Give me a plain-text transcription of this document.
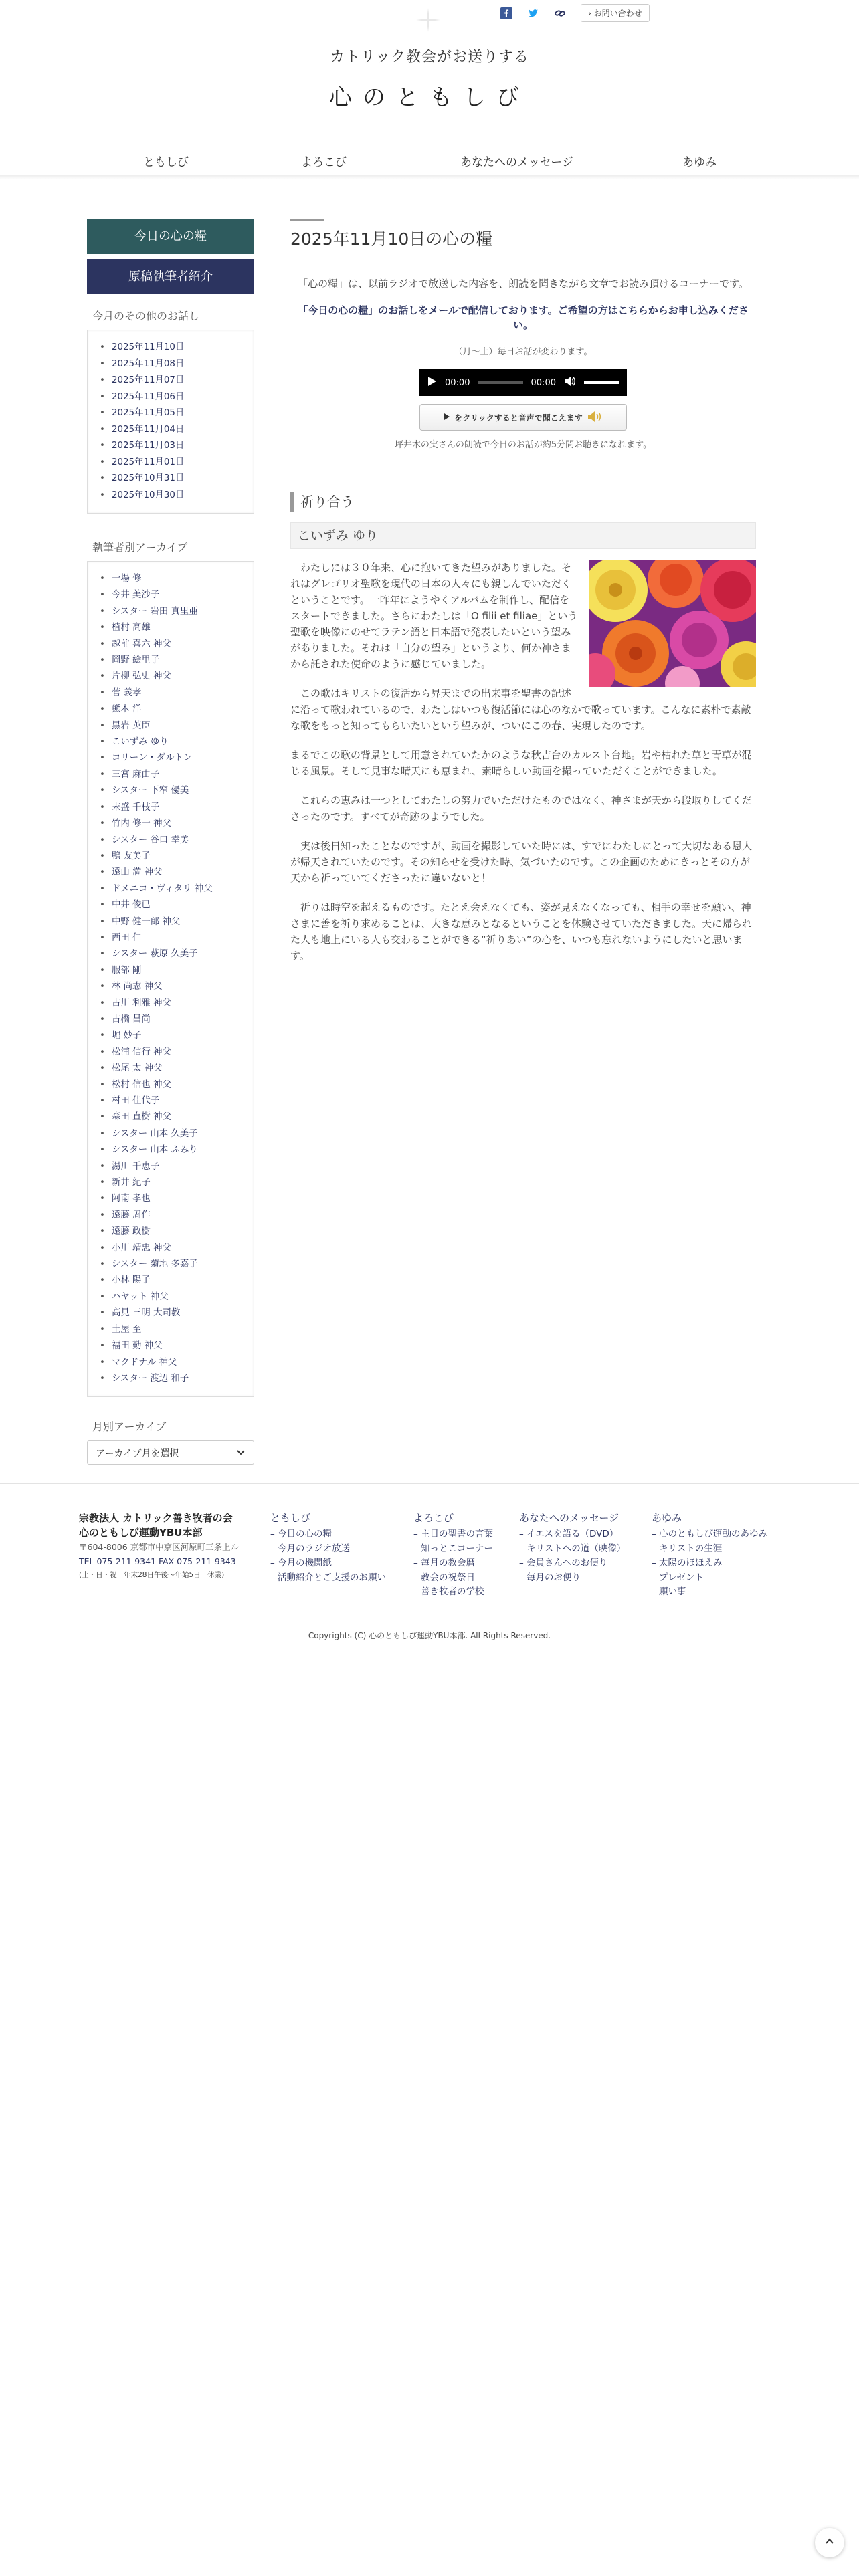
› お問い合わせ
カトリック教会がお送りする
心のともしび
ともしび	よろこび	あなたへのメッセージ	あゆみ
今日の心の糧
原稿執筆者紹介
今月のその他のお話し
• 2025年11月10日
• 2025年11月08日
• 2025年11月07日
• 2025年11月06日
• 2025年11月05日
• 2025年11月04日
• 2025年11月03日
• 2025年11月01日
• 2025年10月31日
• 2025年10月30日
執筆者別アーカイブ
• 一場 修
• 今井 美沙子
• シスター 岩田 真里亜
• 植村 高雄
• 越前 喜六 神父
• 岡野 絵里子
• 片柳 弘史 神父
• 菅 義孝
• 熊本 洋
• 黒岩 英臣
• こいずみ ゆり
• コリーン・ダルトン
• 三宮 麻由子
• シスター 下窄 優美
• 末盛 千枝子
• 竹内 修一 神父
• シスター 谷口 幸美
• 鴨 友美子
• 遠山 満 神父
• ドメニコ・ヴィタリ 神父
• 中井 俊已
• 中野 健一郎 神父
• 西田 仁
• シスター 萩原 久美子
• 服部 剛
• 林 尚志 神父
• 古川 利雅 神父
• 古橋 昌尚
• 堀 妙子
• 松浦 信行 神父
• 松尾 太 神父
• 松村 信也 神父
• 村田 佳代子
• 森田 直樹 神父
• シスター 山本 久美子
• シスター 山本 ふみり
• 湯川 千恵子
• 新井 紀子
• 阿南 孝也
• 遠藤 周作
• 遠藤 政樹
• 小川 靖忠 神父
• シスター 菊地 多嘉子
• 小林 陽子
• ハヤット 神父
• 高見 三明 大司教
• 土屋 至
• 福田 勤 神父
• マクドナル 神父
• シスター 渡辺 和子
月別アーカイブ
アーカイブ月を選択
2025年11月10日の心の糧

「心の糧」は、以前ラジオで放送した内容を、朗読を聞きながら文章でお読み頂けるコーナーです。

「今日の心の糧」のお話しをメールで配信しております。ご希望の方はこちらからお申し込みください。

（月～土）毎日お話が変わります。

00:00	00:00
をクリックすると音声で聞こえます

坪井木の実さんの朗読で今日のお話が約5分間お聴きになれます。

祈り合う
こいずみ ゆり

　わたしには３０年来、心に抱いてきた望みがありました。それはグレゴリオ聖歌を現代の日本の人々にも親しんでいただくということです。一昨年にようやくアルバムを制作し、配信をスタートできました。さらにわたしは「O filii et filiae」という聖歌を映像にのせてラテン語と日本語で発表したいという望みがありました。それは「自分の望み」というより、何か神さまから託された使命のように感じていました。

　この歌はキリストの復活から昇天までの出来事を聖書の記述に沿って歌われているので、わたしはいつも復活節には心のなかで歌っています。こんなに素朴で素敵な歌をもっと知ってもらいたいという望みが、ついにこの春、実現したのです。

まるでこの歌の背景として用意されていたかのような秋吉台のカルスト台地。岩や枯れた草と青草が混じる風景。そして見事な晴天にも恵まれ、素晴らしい動画を撮っていただくことができました。

　これらの恵みは一つとしてわたしの努力でいただけたものではなく、神さまが天から段取りしてくださったのです。すべてが奇跡のようでした。

　実は後日知ったことなのですが、動画を撮影していた時には、すでにわたしにとって大切なある恩人が帰天されていたのです。その知らせを受けた時、気づいたのです。この企画のためにきっとその方が天から祈っていてくださったに違いないと！

　祈りは時空を超えるものです。たとえ会えなくても、姿が見えなくなっても、相手の幸せを願い、神さまに善を祈り求めることは、大きな恵みとなるということを体験させていただきました。天に帰られた人も地上にいる人も交わることができる“祈りあい”の心を、いつも忘れないようにしたいと思います。

宗教法人 カトリック善き牧者の会
心のともしび運動YBU本部
〒604-8006 京都市中京区河原町三条上ル
TEL 075-211-9341 FAX 075-211-9343
(土・日・祝　年末28日午後〜年始5日　休業)
ともしび
– 今日の心の糧
– 今月のラジオ放送
– 今月の機関紙
– 活動紹介とご支援のお願い
よろこび
– 主日の聖書の言葉
– 知っとこコーナー
– 毎月の教会暦
– 教会の祝祭日
– 善き牧者の学校
あなたへのメッセージ
– イエスを語る（DVD）
– キリストへの道（映像）
– 会員さんへのお便り
– 毎月のお便り
あゆみ
– 心のともしび運動のあゆみ
– キリストの生涯
– 太陽のほほえみ
– プレゼント
– 願い事
Copyrights (C) 心のともしび運動YBU本部. All Rights Reserved.
